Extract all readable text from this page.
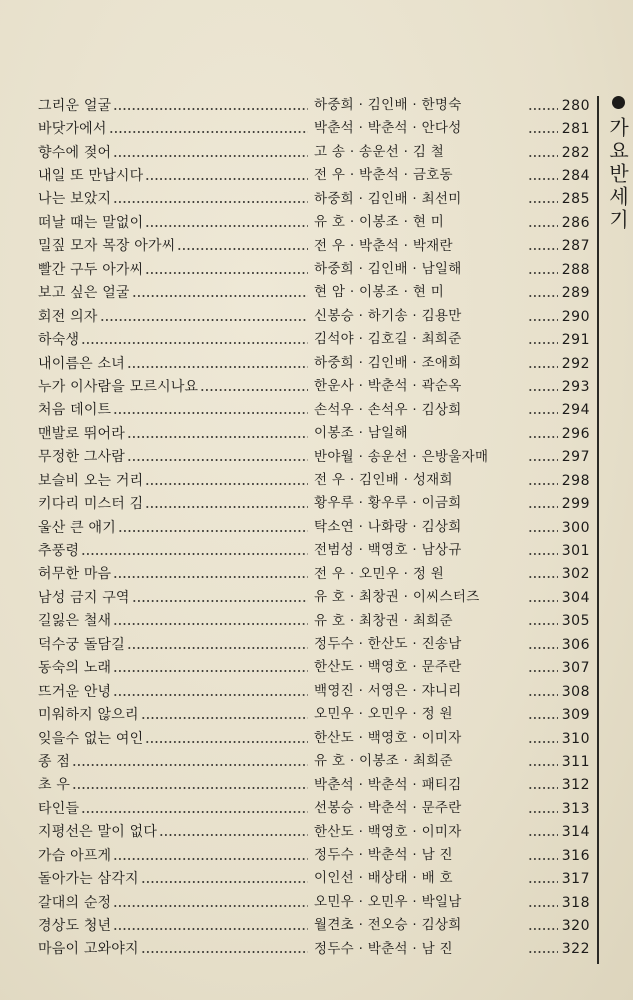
그리운 얼굴	하중희 · 김인배 · 한명숙	280
바닷가에서	박춘석 · 박춘석 · 안다성	281
향수에 젖어	고 송 · 송운선 · 김 철	282
내일 또 만납시다	전 우 · 박춘석 · 금호동	284
나는 보았지	하중희 · 김인배 · 최선미	285
떠날 때는 말없이	유 호 · 이봉조 · 현 미	286
밀짚 모자 목장 아가씨	전 우 · 박춘석 · 박재란	287
빨간 구두 아가씨	하중희 · 김인배 · 남일해	288
보고 싶은 얼굴	현 암 · 이봉조 · 현 미	289
회전 의자	신봉승 · 하기송 · 김용만	290
하숙생	김석야 · 김호길 · 최희준	291
내이름은 소녀	하중희 · 김인배 · 조애희	292
누가 이사람을 모르시나요	한운사 · 박춘석 · 곽순옥	293
처음 데이트	손석우 · 손석우 · 김상희	294
맨발로 뛰어라	이봉조 · 남일해	296
무정한 그사람	반야월 · 송운선 · 은방울자매	297
보슬비 오는 거리	전 우 · 김인배 · 성재희	298
키다리 미스터 김	황우루 · 황우루 · 이금희	299
울산 큰 애기	탁소연 · 나화랑 · 김상희	300
추풍령	전범성 · 백영호 · 남상규	301
허무한 마음	전 우 · 오민우 · 정 원	302
남성 금지 구역	유 호 · 최창권 · 이씨스터즈	304
길잃은 철새	유 호 · 최창권 · 최희준	305
덕수궁 돌담길	정두수 · 한산도 · 진송남	306
동숙의 노래	한산도 · 백영호 · 문주란	307
뜨거운 안녕	백영진 · 서영은 · 쟈니리	308
미워하지 않으리	오민우 · 오민우 · 정 원	309
잊을수 없는 여인	한산도 · 백영호 · 이미자	310
종 점	유 호 · 이봉조 · 최희준	311
초 우	박춘석 · 박춘석 · 패티김	312
타인들	선봉승 · 박춘석 · 문주란	313
지평선은 말이 없다	한산도 · 백영호 · 이미자	314
가슴 아프게	정두수 · 박춘석 · 남 진	316
돌아가는 삼각지	이인선 · 배상태 · 배 호	317
갈대의 순정	오민우 · 오민우 · 박일남	318
경상도 청년	월견초 · 전오승 · 김상희	320
마음이 고와야지	정두수 · 박춘석 · 남 진	322
가요반세기
